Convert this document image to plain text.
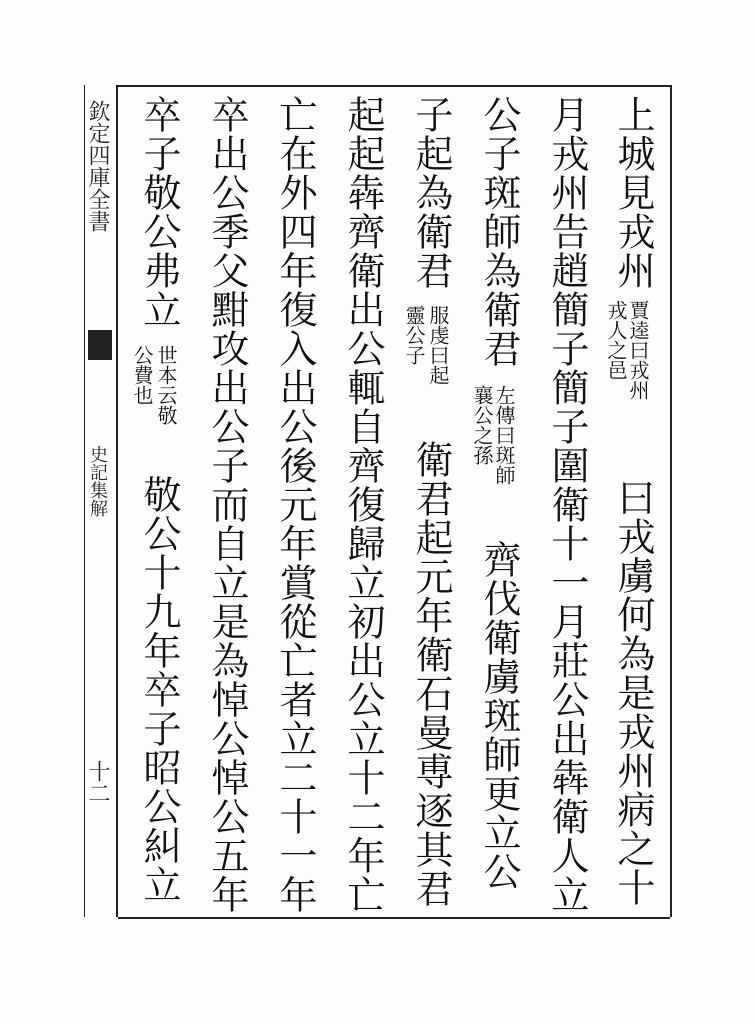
欽定四庫全書
史記集解
十二
上城見戎州
賈逵曰戎州
戎人之邑
曰戎虜何為是戎州病之十
月戎州告趙簡子簡子圍衛十一月莊公出犇衛人立
公子斑師為衛君
左傳曰斑師
襄公之孫
齊伐衛虜斑師更立公
子起為衛君
服虔曰起
靈公子
衛君起元年衛石曼尃逐其君
起起犇齊衛出公輒自齊復歸立初出公立十二年亡
亡在外四年復入出公後元年賞從亡者立二十一年
卒出公季父黚攻出公子而自立是為悼公悼公五年
卒子敬公弗立
世本云敬
公費也
敬公十九年卒子昭公糾立
